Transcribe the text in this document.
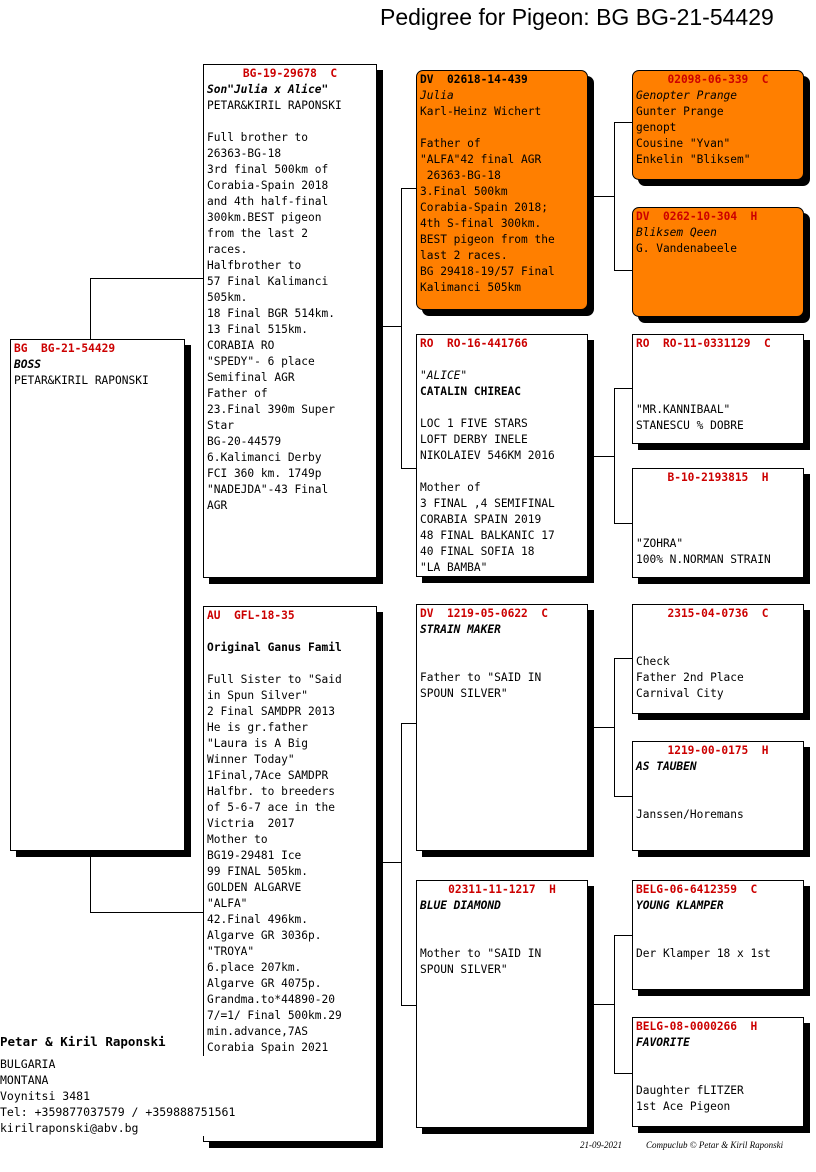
Pedigree for Pigeon: BG BG-21-54429
BG BG-21-54429
BOSS
PETAR&KIRIL RAPONSKI
BG-19-29678 C
Son"Julia x Alice"
PETAR&KIRIL RAPONSKI
Full brother to
26363-BG-18
3rd final 500km of
Corabia-Spain 2018
and 4th half-final
300km.BEST pigeon
from the last 2
races.
Halfbrother to
57 Final Kalimanci
505km.
18 Final BGR 514km.
13 Final 515km.
CORABIA RO
"SPEDY"- 6 place
Semifinal AGR
Father of
23.Final 390m Super
Star
BG-20-44579
6.Kalimanci Derby
FCI 360 km. 1749p
"NADEJDA"-43 Final
AGR
AU GFL-18-35
Original Ganus Famil
Full Sister to "Said
in Spun Silver"
2 Final SAMDPR 2013
He is gr.father
"Laura is A Big
Winner Today"
1Final,7Ace SAMDPR
Halfbr. to breeders
of 5-6-7 ace in the
Victria  2017
Mother to
BG19-29481 Ice
99 FINAL 505km.
GOLDEN ALGARVE
"ALFA"
42.Final 496km.
Algarve GR 3036p.
"TROYA"
6.place 207km.
Algarve GR 4075p.
Grandma.to*44890-20
7/=1/ Final 500km.29
min.advance,7AS
Corabia Spain 2021
DV 02618-14-439
Julia
Karl-Heinz Wichert
Father of
"ALFA"42 final AGR
26363-BG-18
3.Final 500km
Corabia-Spain 2018;
4th S-final 300km.
BEST pigeon from the
last 2 races.
BG 29418-19/57 Final
Kalimanci 505km
RO RO-16-441766
"ALICE"
CATALIN CHIREAC
LOC 1 FIVE STARS
LOFT DERBY INELE
NIKOLAIEV 546KM 2016
Mother of
3 FINAL ,4 SEMIFINAL
CORABIA SPAIN 2019
48 FINAL BALKANIC 17
40 FINAL SOFIA 18
"LA BAMBA"
DV 1219-05-0622 C
STRAIN MAKER
Father to "SAID IN
SPOUN SILVER"
02311-11-1217 H
BLUE DIAMOND
Mother to "SAID IN
SPOUN SILVER"
02098-06-339 C
Genopter Prange
Gunter Prange
genopt
Cousine "Yvan"
Enkelin "Bliksem"
DV 0262-10-304 H
Bliksem Qeen
G. Vandenabeele
RO RO-11-0331129 C
"MR.KANNIBAAL"
STANESCU % DOBRE
B-10-2193815 H
"ZOHRA"
100% N.NORMAN STRAIN
2315-04-0736 C
Check
Father 2nd Place
Carnival City
1219-00-0175 H
AS TAUBEN
Janssen/Horemans
BELG-06-6412359 C
YOUNG KLAMPER
Der Klamper 18 x 1st
BELG-08-0000266 H
FAVORITE
Daughter fLITZER
1st Ace Pigeon
Petar & Kiril Raponski
BULGARIA
MONTANA
Voynitsi 3481
Tel: +359877037579 / +359888751561
kirilraponski@abv.bg
21-09-2021	Compuclub © Petar & Kiril Raponski
